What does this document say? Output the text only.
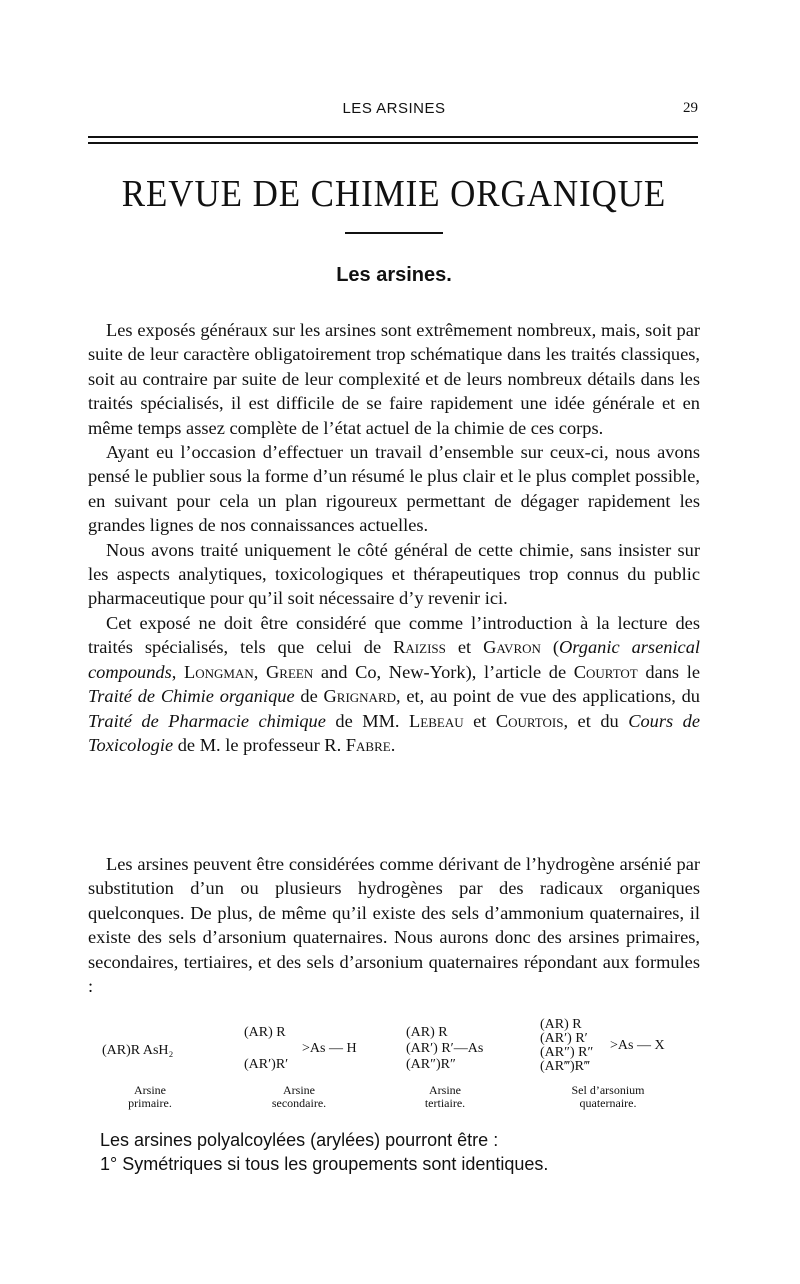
LES ARSINES	29
REVUE DE CHIMIE ORGANIQUE
Les arsines.

Les exposés généraux sur les arsines sont extrêmement nombreux, mais, soit par suite de leur caractère obligatoirement trop schématique dans les traités classiques, soit au contraire par suite de leur complexité et de leurs nombreux détails dans les traités spécialisés, il est difficile de se faire rapidement une idée générale et en même temps assez complète de l’état actuel de la chimie de ces corps.

Ayant eu l’occasion d’effectuer un travail d’ensemble sur ceux-ci, nous avons pensé le publier sous la forme d’un résumé le plus clair et le plus complet possible, en suivant pour cela un plan rigoureux permettant de dégager rapidement les grandes lignes de nos connaissances actuelles.

Nous avons traité uniquement le côté général de cette chimie, sans insister sur les aspects analytiques, toxicologiques et thérapeutiques trop connus du public pharmaceutique pour qu’il soit nécessaire d’y revenir ici.

Cet exposé ne doit être considéré que comme l’introduction à la lecture des traités spécialisés, tels que celui de Raiziss et Gavron (Organic arsenical compounds, Longman, Green and Co, New-York), l’article de Courtot dans le Traité de Chimie organique de Grignard, et, au point de vue des applications, du Traité de Pharmacie chimique de MM. Lebeau et Courtois, et du Cours de Toxicologie de M. le professeur R. Fabre.

Les arsines peuvent être considérées comme dérivant de l’hydrogène arsénié par substitution d’un ou plusieurs hydrogènes par des radicaux organiques quelconques. De plus, de même qu’il existe des sels d’ammonium quaternaires, il existe des sels d’arsonium quaternaires. Nous aurons donc des arsines primaires, secondaires, tertiaires, et des sels d’arsonium quaternaires répondant aux formules :

(AR)R AsH₂
Arsine
primaire.
(AR) R
>As — H
(AR′)R′
Arsine
secondaire.
(AR) R
(AR′) R′—As
(AR″)R″
Arsine
tertiaire.
(AR) R
(AR′) R′
(AR″) R″
(AR‴)R‴
>As — X
Sel d’arsonium
quaternaire.
Les arsines polyalcoylées (arylées) pourront être :
1° Symétriques si tous les groupements sont identiques.
